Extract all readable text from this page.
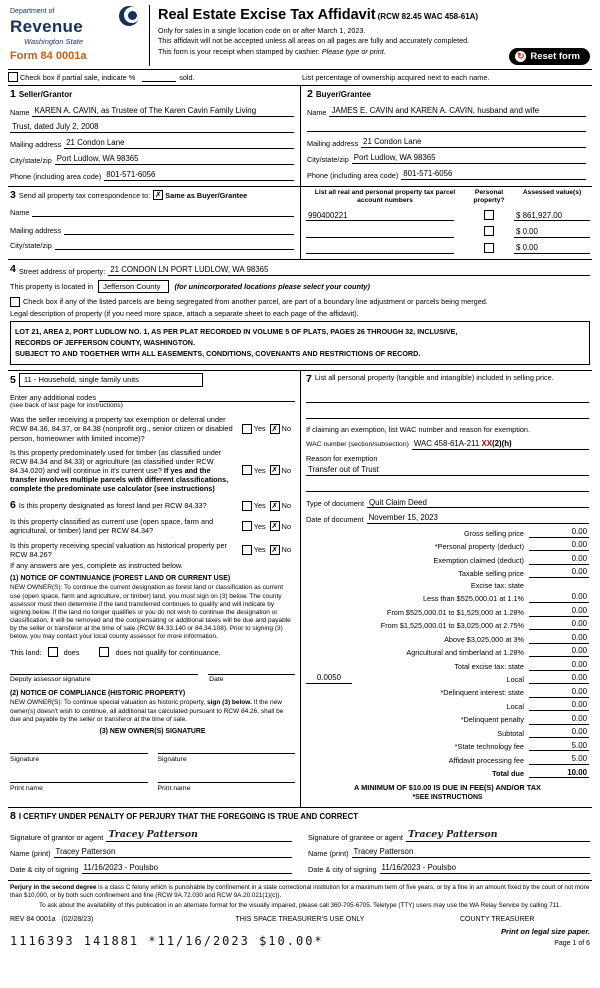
Department of
Revenue
Washington State
Form 84 0001a
Real Estate Excise Tax Affidavit (RCW 82.45 WAC 458-61A)
Only for sales in a single location code on or after March 1, 2023.
This affidavit will not be accepted unless all areas on all pages are fully and accurately completed.
This form is your receipt when stamped by cashier. Please type or print.	↻ Reset form
Check box if partial sale, indicate %	sold.	List percentage of ownership acquired next to each name.
1 Seller/Grantor
Name KAREN A. CAVIN, as Trustee of The Karen Cavin Family Living
Trust, dated July 2, 2008
Mailing address 21 Condon Lane
City/state/zip Port Ludlow, WA 98365
Phone (including area code) 801-571-6056
2 Buyer/Grantee
Name JAMES E. CAVIN and KAREN A. CAVIN, husband and wife
Mailing address 21 Condon Lane
City/state/zip Port Ludlow, WA 98365
Phone (including area code) 801-571-6056
3 Send all property tax correspondence to: ✗ Same as Buyer/Grantee
Name
Mailing address
City/state/zip
List all real and personal property tax parcel account numbers
Personal property?
Assessed value(s)
990400221	$ 861,927.00
$ 0.00
$ 0.00
4 Street address of property: 21 CONDON LN PORT LUDLOW, WA 98365
This property is located in	Jefferson County	(for unincorporated locations please select your county)
Check box if any of the listed parcels are being segregated from another parcel, are part of a boundary line adjustment or parcels being merged.
Legal description of property (if you need more space, attach a separate sheet to each page of the affidavit).
LOT 21, AREA 2, PORT LUDLOW NO. 1, AS PER PLAT RECORDED IN VOLUME 5 OF PLATS, PAGES 26 THROUGH 32, INCLUSIVE,
RECORDS OF JEFFERSON COUNTY, WASHINGTON.
SUBJECT TO AND TOGETHER WITH ALL EASEMENTS, CONDITIONS, COVENANTS AND RESTRICTIONS OF RECORD.
5	11 - Household, single family units
Enter any additional codes
(see back of last page for instructions)
Was the seller receiving a property tax exemption or deferral under RCW 84.36, 84.37, or 84.38 (nonprofit org., senior citizen or disabled person, homeowner with limited income)?
Yes ✗ No
Is this property predominately used for timber (as classified under RCW 84.34 and 84.33) or agriculture (as classified under RCW 84.34.020) and will continue in it's current use? If yes and the transfer involves multiple parcels with different classifications, complete the predominate use calculator (see instructions)
Yes ✗ No
6 Is this property designated as forest land per RCW 84.33?	Yes ✗ No
Is this property classified as current use (open space, farm and agricultural, or timber) land per RCW 84.34?
Yes ✗ No
Is this property receiving special valuation as historical property per RCW 84.26?
Yes ✗ No
If any answers are yes, complete as instructed below.
(1) NOTICE OF CONTINUANCE (FOREST LAND OR CURRENT USE)
NEW OWNER(S): To continue the current designation as forest land or classification as current use (open space, farm and agriculture, or timber) land, you must sign on (3) below. The county assessor must then determine if the land transferred continues to qualify and will indicate by signing below. If the land no longer qualifies or you do not wish to continue the designation or classification, it will be removed and the compensating or additional taxes will be due and payable by the seller or transferor at the time of sale (RCW 84.33.140 or 84.34.108). Prior to signing (3) below, you may contact your local county assessor for more information.
This land:	does	does not qualify for continuance.
Deputy assessor signature	Date
(2) NOTICE OF COMPLIANCE (HISTORIC PROPERTY)
NEW OWNER(S): To continue special valuation as historic property, sign (3) below. If the new owner(s) doesn't wish to continue, all additional tax calculated pursuant to RCW 84.26, shall be due and payable by the seller or transferor at the time of sale.
(3) NEW OWNER(S) SIGNATURE
Signature	Signature
Print name	Print name
7 List all personal property (tangible and intangible) included in selling price.
If claiming an exemption, list WAC number and reason for exemption.
WAC number (section/subsection) WAC 458-61A-211 XX(2)(h)
Reason for exemption
Transfer out of Trust
Type of document Quit Claim Deed
Date of document November 15, 2023
Gross selling price	0.00
*Personal property (deduct)	0.00
Exemption claimed (deduct)	0.00
Taxable selling price	0.00
Excise tax: state
Less than $525,000.01 at 1.1%	0.00
From $525,000.01 to $1,525,000 at 1.28%	0.00
From $1,525,000.01 to $3,025,000 at 2.75%	0.00
Above $3,025,000 at 3%	0.00
Agricultural and timberland at 1.28%	0.00
Total excise tax: state	0.00
0.0050	Local	0.00
*Delinquent interest: state	0.00
Local	0.00
*Delinquent penalty	0.00
Subtotal	0.00
*State technology fee	5.00
Affidavit processing fee	5.00
Total due	10.00
A MINIMUM OF $10.00 IS DUE IN FEE(S) AND/OR TAX
*SEE INSTRUCTIONS
8 I CERTIFY UNDER PENALTY OF PERJURY THAT THE FOREGOING IS TRUE AND CORRECT
Signature of grantor or agent Tracey Patterson
Name (print) Tracey Patterson
Date & city of signing 11/16/2023 - Poulsbo
Signature of grantee or agent Tracey Patterson
Name (print) Tracey Patterson
Date & city of signing 11/16/2023 - Poulsbo
Perjury in the second degree is a class C felony which is punishable by confinement in a state correctional institution for a maximum term of five years, or by a fine in an amount fixed by the court of not more than $10,000, or by both such confinement and fine (RCW 9A.72.030 and RCW 9A.20.021(1)(c)).
To ask about the availability of this publication in an alternate format for the visually impaired, please call 360-705-6705. Teletype (TTY) users may use the WA Relay Service by calling 711.
REV 84 0001a (02/28/23)	THIS SPACE TREASURER'S USE ONLY	COUNTY TREASURER
1116393 141881 *11/16/2023 $10.00*
Print on legal size paper.
Page 1 of 6
